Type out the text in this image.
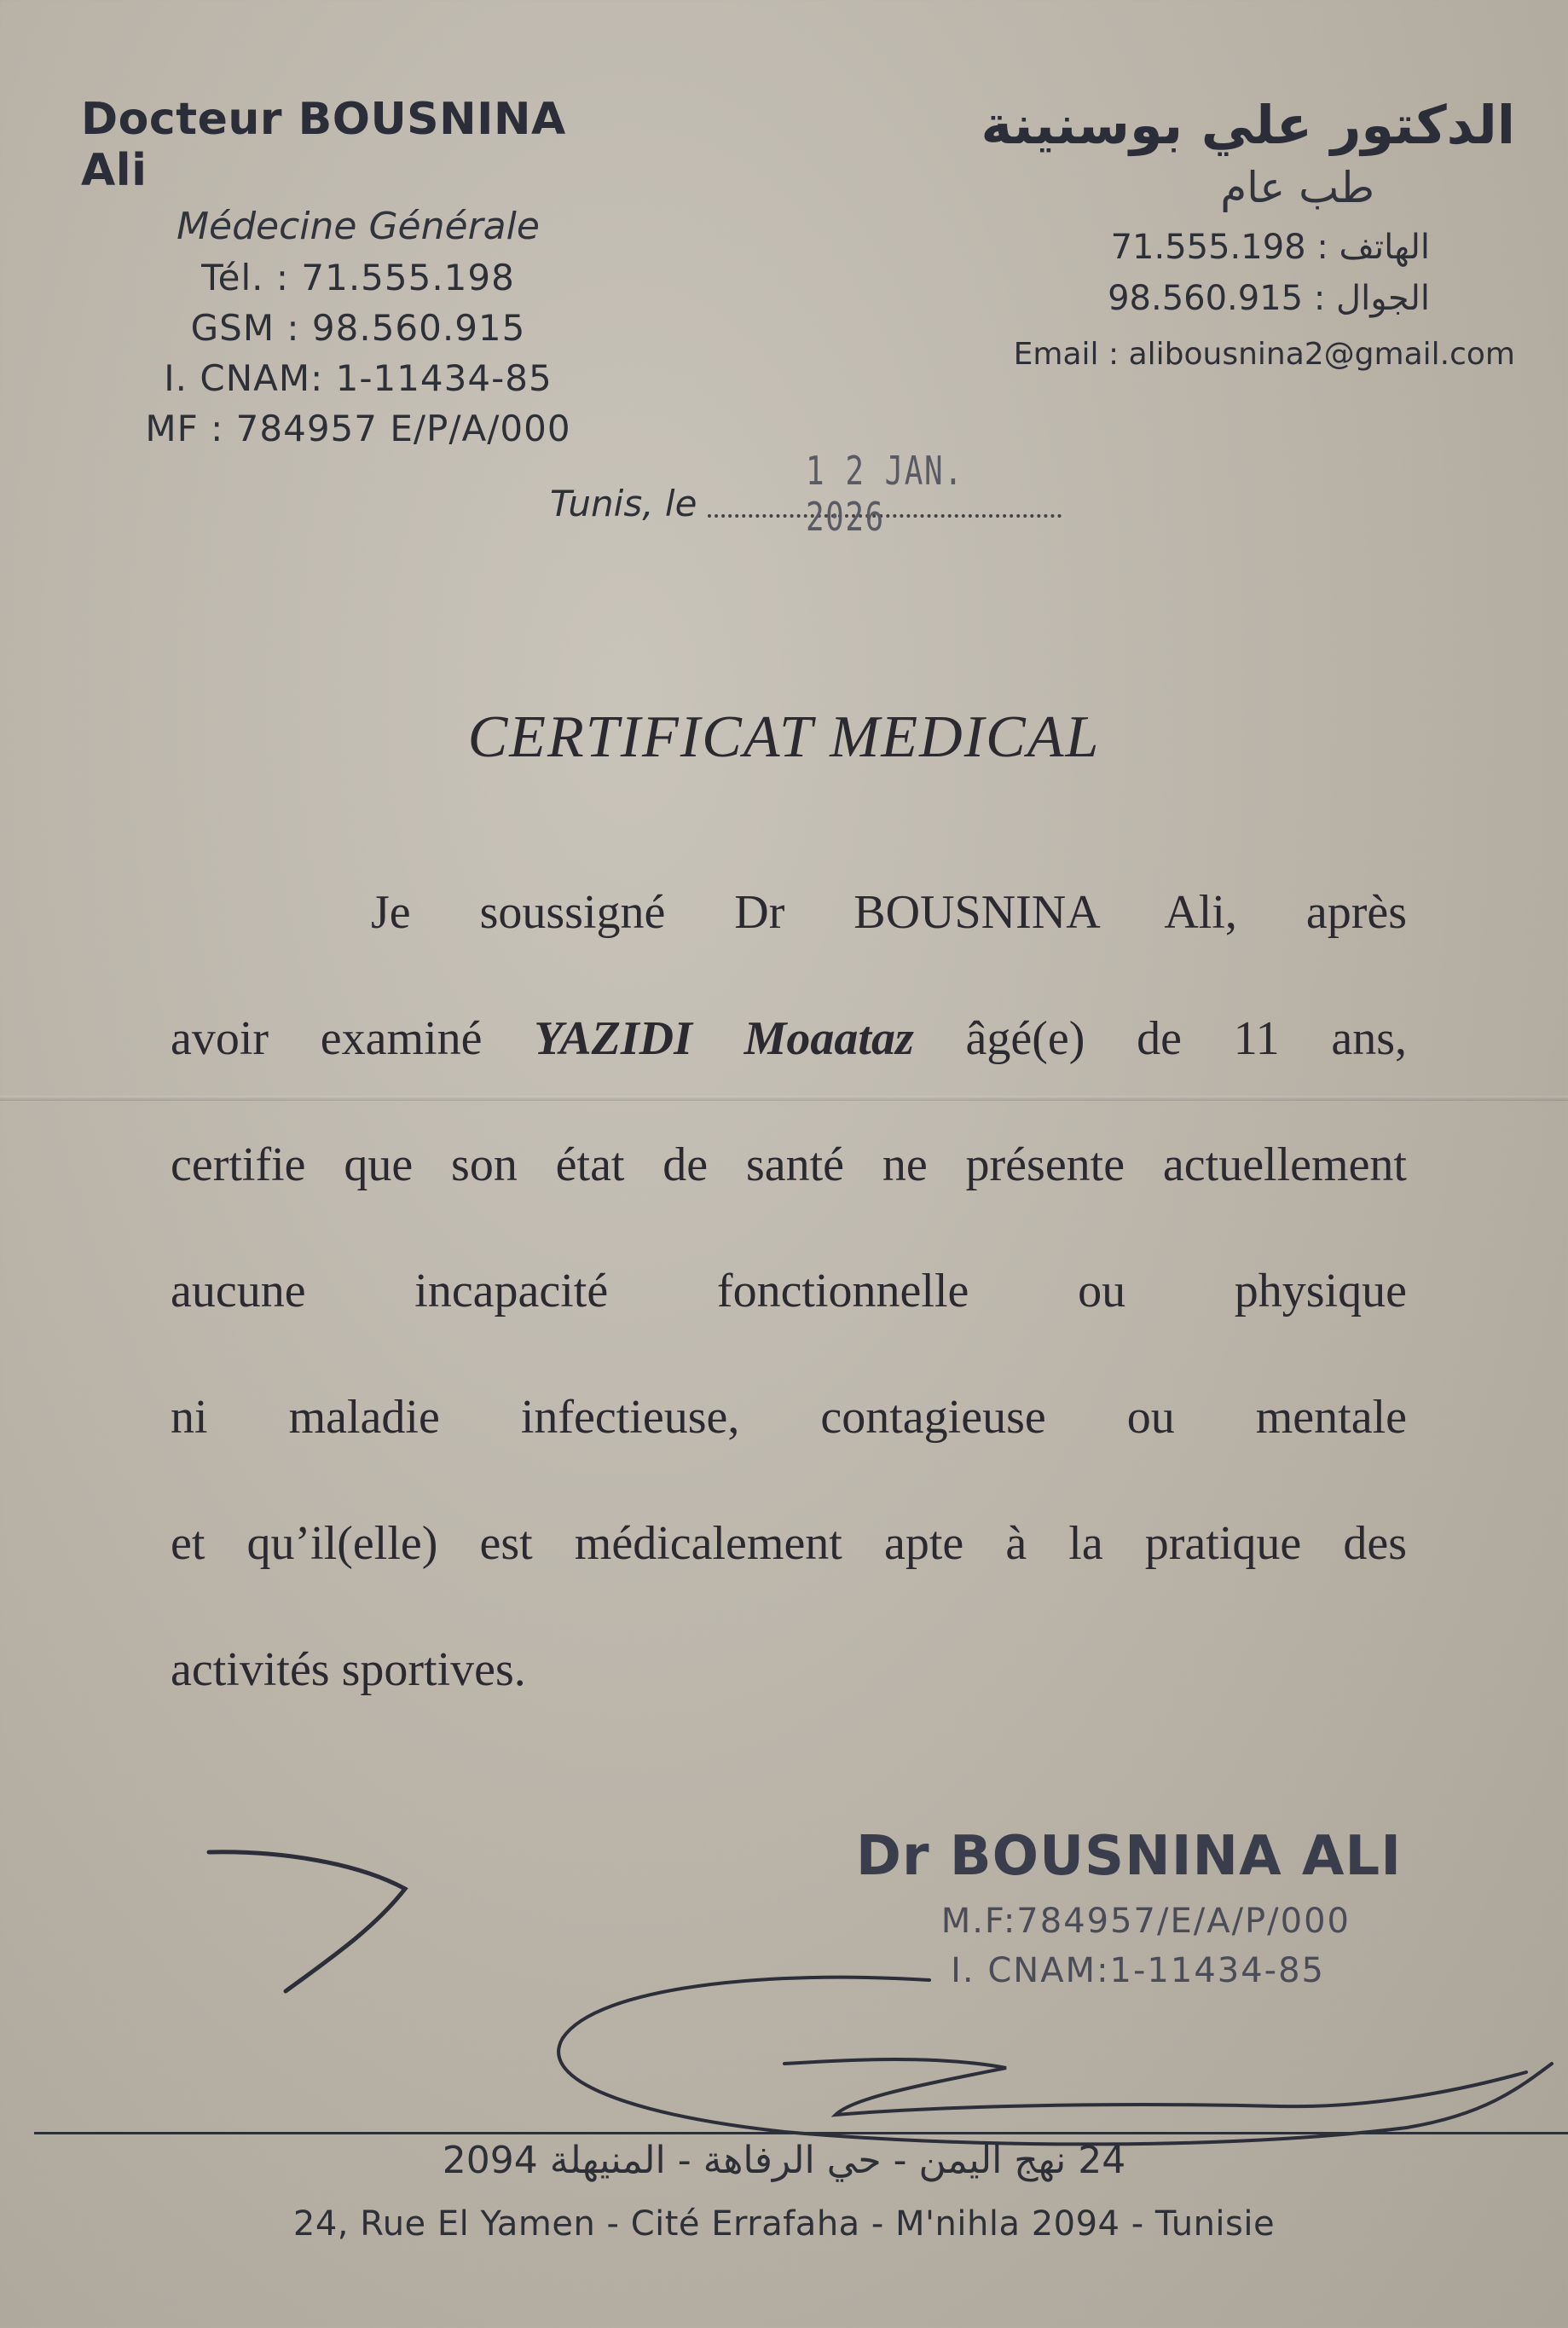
Docteur BOUSNINA Ali
Médecine Générale
Tél. : 71.555.198
GSM : 98.560.915
I. CNAM: 1-11434-85
MF : 784957 E/P/A/000
الدكتور علي بوسنينة
طب عام
الهاتف : 71.555.198
الجوال : 98.560.915
Email : alibousnina2@gmail.com
Tunis, le
1 2 JAN. 2026
CERTIFICAT MEDICAL
Je soussigné Dr BOUSNINA Ali, après
avoir examiné YAZIDI Moaataz âgé(e) de 11 ans,
certifie que son état de santé ne présente actuellement
aucune incapacité fonctionnelle ou physique
ni maladie infectieuse, contagieuse ou mentale
et qu’il(elle) est médicalement apte à la pratique des
activités sportives.
Dr BOUSNINA ALI
M.F:784957/E/A/P/000
I. CNAM:1-11434-85
24 نهج اليمن - حي الرفاهة - المنيهلة 2094
24, Rue El Yamen - Cité Errafaha - M'nihla 2094 - Tunisie
